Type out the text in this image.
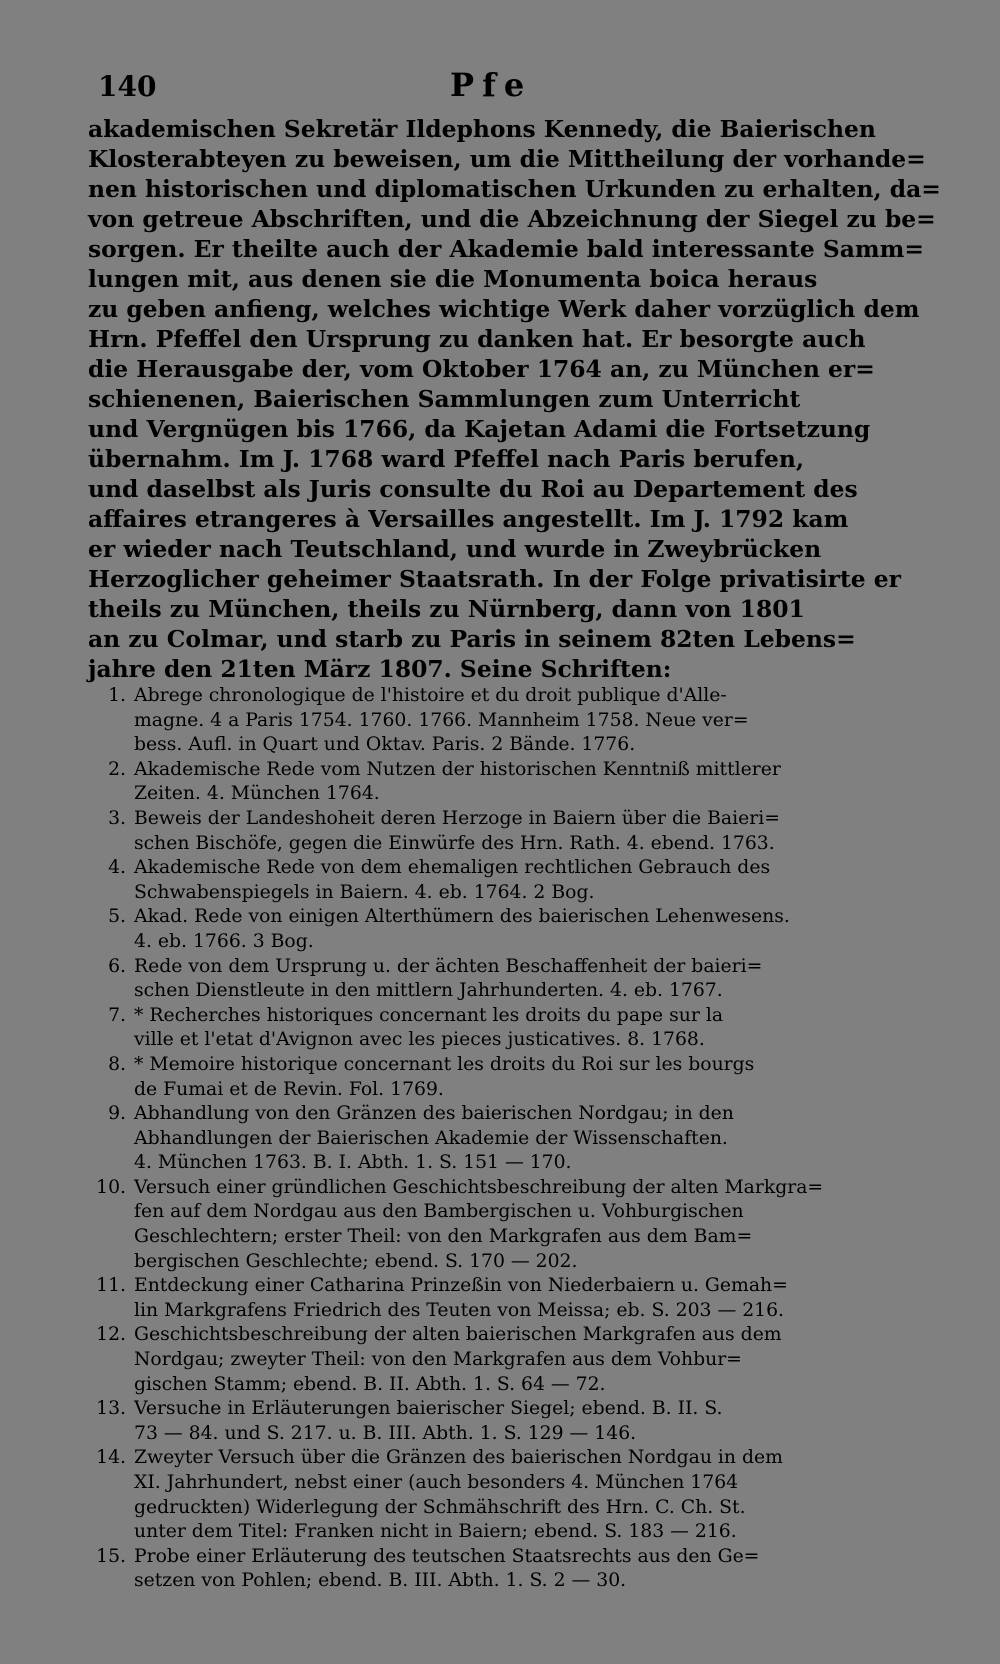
140	Pfe
akademischen Sekretär Ildephons Kennedy, die Baierischen
Klosterabteyen zu beweisen, um die Mittheilung der vorhande=
nen historischen und diplomatischen Urkunden zu erhalten, da=
von getreue Abschriften, und die Abzeichnung der Siegel zu be=
sorgen. Er theilte auch der Akademie bald interessante Samm=
lungen mit, aus denen sie die Monumenta boica heraus
zu geben anfieng, welches wichtige Werk daher vorzüglich dem
Hrn. Pfeffel den Ursprung zu danken hat. Er besorgte auch
die Herausgabe der, vom Oktober 1764 an, zu München er=
schienenen, Baierischen Sammlungen zum Unterricht
und Vergnügen bis 1766, da Kajetan Adami die Fortsetzung
übernahm. Im J. 1768 ward Pfeffel nach Paris berufen,
und daselbst als Juris consulte du Roi au Departement des
affaires etrangeres à Versailles angestellt. Im J. 1792 kam
er wieder nach Teutschland, und wurde in Zweybrücken
Herzoglicher geheimer Staatsrath. In der Folge privatisirte er
theils zu München, theils zu Nürnberg, dann von 1801
an zu Colmar, und starb zu Paris in seinem 82ten Lebens=
jahre den 21ten März 1807. Seine Schriften:
1. Abrege chronologique de l'histoire et du droit publique d'Alle-
magne. 4 a Paris 1754. 1760. 1766. Mannheim 1758. Neue ver=
bess. Aufl. in Quart und Oktav. Paris. 2 Bände. 1776.
2. Akademische Rede vom Nutzen der historischen Kenntniß mittlerer
Zeiten. 4. München 1764.
3. Beweis der Landeshoheit deren Herzoge in Baiern über die Baieri=
schen Bischöfe, gegen die Einwürfe des Hrn. Rath. 4. ebend. 1763.
4. Akademische Rede von dem ehemaligen rechtlichen Gebrauch des
Schwabenspiegels in Baiern. 4. eb. 1764. 2 Bog.
5. Akad. Rede von einigen Alterthümern des baierischen Lehenwesens.
4. eb. 1766. 3 Bog.
6. Rede von dem Ursprung u. der ächten Beschaffenheit der baieri=
schen Dienstleute in den mittlern Jahrhunderten. 4. eb. 1767.
7. * Recherches historiques concernant les droits du pape sur la
ville et l'etat d'Avignon avec les pieces justicatives. 8. 1768.
8. * Memoire historique concernant les droits du Roi sur les bourgs
de Fumai et de Revin. Fol. 1769.
9. Abhandlung von den Gränzen des baierischen Nordgau; in den
Abhandlungen der Baierischen Akademie der Wissenschaften.
4. München 1763. B. I. Abth. 1. S. 151 — 170.
10. Versuch einer gründlichen Geschichtsbeschreibung der alten Markgra=
fen auf dem Nordgau aus den Bambergischen u. Vohburgischen
Geschlechtern; erster Theil: von den Markgrafen aus dem Bam=
bergischen Geschlechte; ebend. S. 170 — 202.
11. Entdeckung einer Catharina Prinzeßin von Niederbaiern u. Gemah=
lin Markgrafens Friedrich des Teuten von Meissa; eb. S. 203 — 216.
12. Geschichtsbeschreibung der alten baierischen Markgrafen aus dem
Nordgau; zweyter Theil: von den Markgrafen aus dem Vohbur=
gischen Stamm; ebend. B. II. Abth. 1. S. 64 — 72.
13. Versuche in Erläuterungen baierischer Siegel; ebend. B. II. S.
73 — 84. und S. 217. u. B. III. Abth. 1. S. 129 — 146.
14. Zweyter Versuch über die Gränzen des baierischen Nordgau in dem
XI. Jahrhundert, nebst einer (auch besonders 4. München 1764
gedruckten) Widerlegung der Schmähschrift des Hrn. C. Ch. St.
unter dem Titel: Franken nicht in Baiern; ebend. S. 183 — 216.
15. Probe einer Erläuterung des teutschen Staatsrechts aus den Ge=
setzen von Pohlen; ebend. B. III. Abth. 1. S. 2 — 30.
